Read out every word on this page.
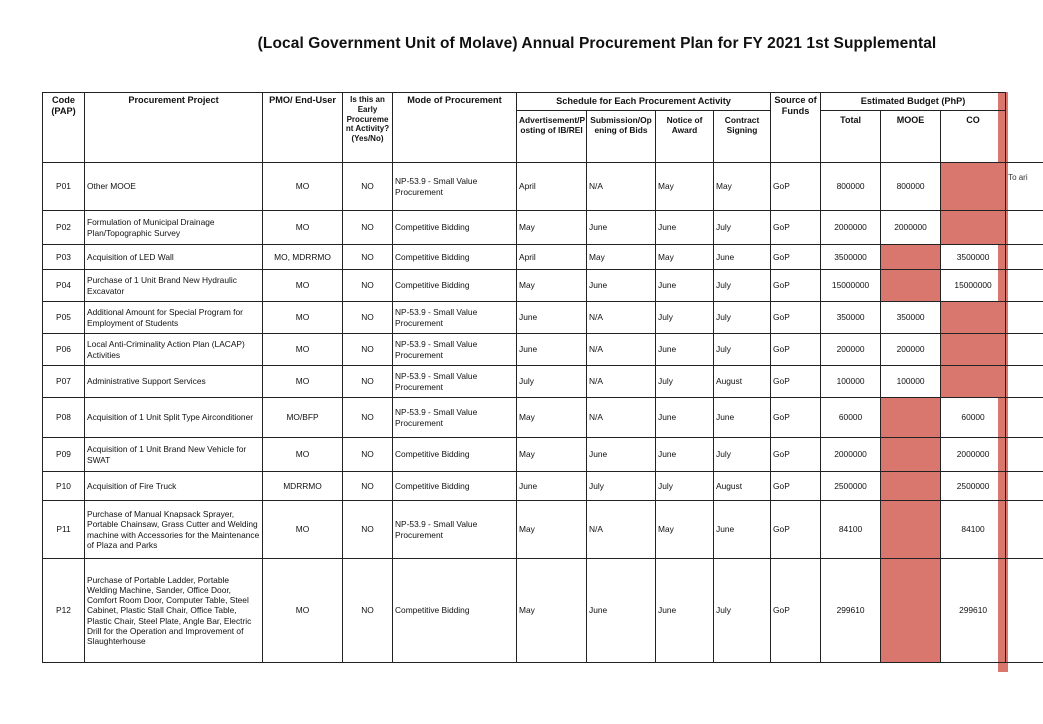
(Local Government Unit of Molave) Annual Procurement Plan for FY 2021 1st Supplemental
Code (PAP)	Procurement Project	PMO/ End-User	Is this an Early Procureme nt Activity? (Yes/No)	Mode of Procurement	Schedule for Each Procurement Activity				Source of Funds	Estimated Budget (PhP)			
					Advertisement/P osting of IB/REI	Submission/Op ening of Bids	Notice of Award	Contract Signing		Total	MOOE	CO	
P01	Other MOOE	MO	NO	NP-53.9 - Small Value Procurement	April	N/A	May	May	GoP	800000	800000		To ari
P02	Formulation of Municipal Drainage Plan/Topographic Survey	MO	NO	Competitive Bidding	May	June	June	July	GoP	2000000	2000000		
P03	Acquisition of LED Wall	MO, MDRRMO	NO	Competitive Bidding	April	May	May	June	GoP	3500000		3500000	
P04	Purchase of 1 Unit Brand New Hydraulic Excavator	MO	NO	Competitive Bidding	May	June	June	July	GoP	15000000		15000000	
P05	Additional Amount for Special Program for Employment of Students	MO	NO	NP-53.9 - Small Value Procurement	June	N/A	July	July	GoP	350000	350000		
P06	Local Anti-Criminality Action Plan (LACAP) Activities	MO	NO	NP-53.9 - Small Value Procurement	June	N/A	June	July	GoP	200000	200000		
P07	Administrative Support Services	MO	NO	NP-53.9 - Small Value Procurement	July	N/A	July	August	GoP	100000	100000		
P08	Acquisition of 1 Unit Split Type Airconditioner	MO/BFP	NO	NP-53.9 - Small Value Procurement	May	N/A	June	June	GoP	60000		60000	
P09	Acquisition of 1 Unit Brand New Vehicle for SWAT	MO	NO	Competitive Bidding	May	June	June	July	GoP	2000000		2000000	
P10	Acquisition of Fire Truck	MDRRMO	NO	Competitive Bidding	June	July	July	August	GoP	2500000		2500000	
P11	Purchase of Manual Knapsack Sprayer, Portable Chainsaw, Grass Cutter and Welding machine with Accessories for the Maintenance of Plaza and Parks	MO	NO	NP-53.9 - Small Value Procurement	May	N/A	May	June	GoP	84100		84100	
P12	Purchase of Portable Ladder, Portable Welding Machine, Sander, Office Door, Comfort Room Door, Computer Table, Steel Cabinet, Plastic Stall Chair, Office Table, Plastic Chair, Steel Plate, Angle Bar, Electric Drill for the Operation and Improvement of Slaughterhouse	MO	NO	Competitive Bidding	May	June	June	July	GoP	299610		299610	
